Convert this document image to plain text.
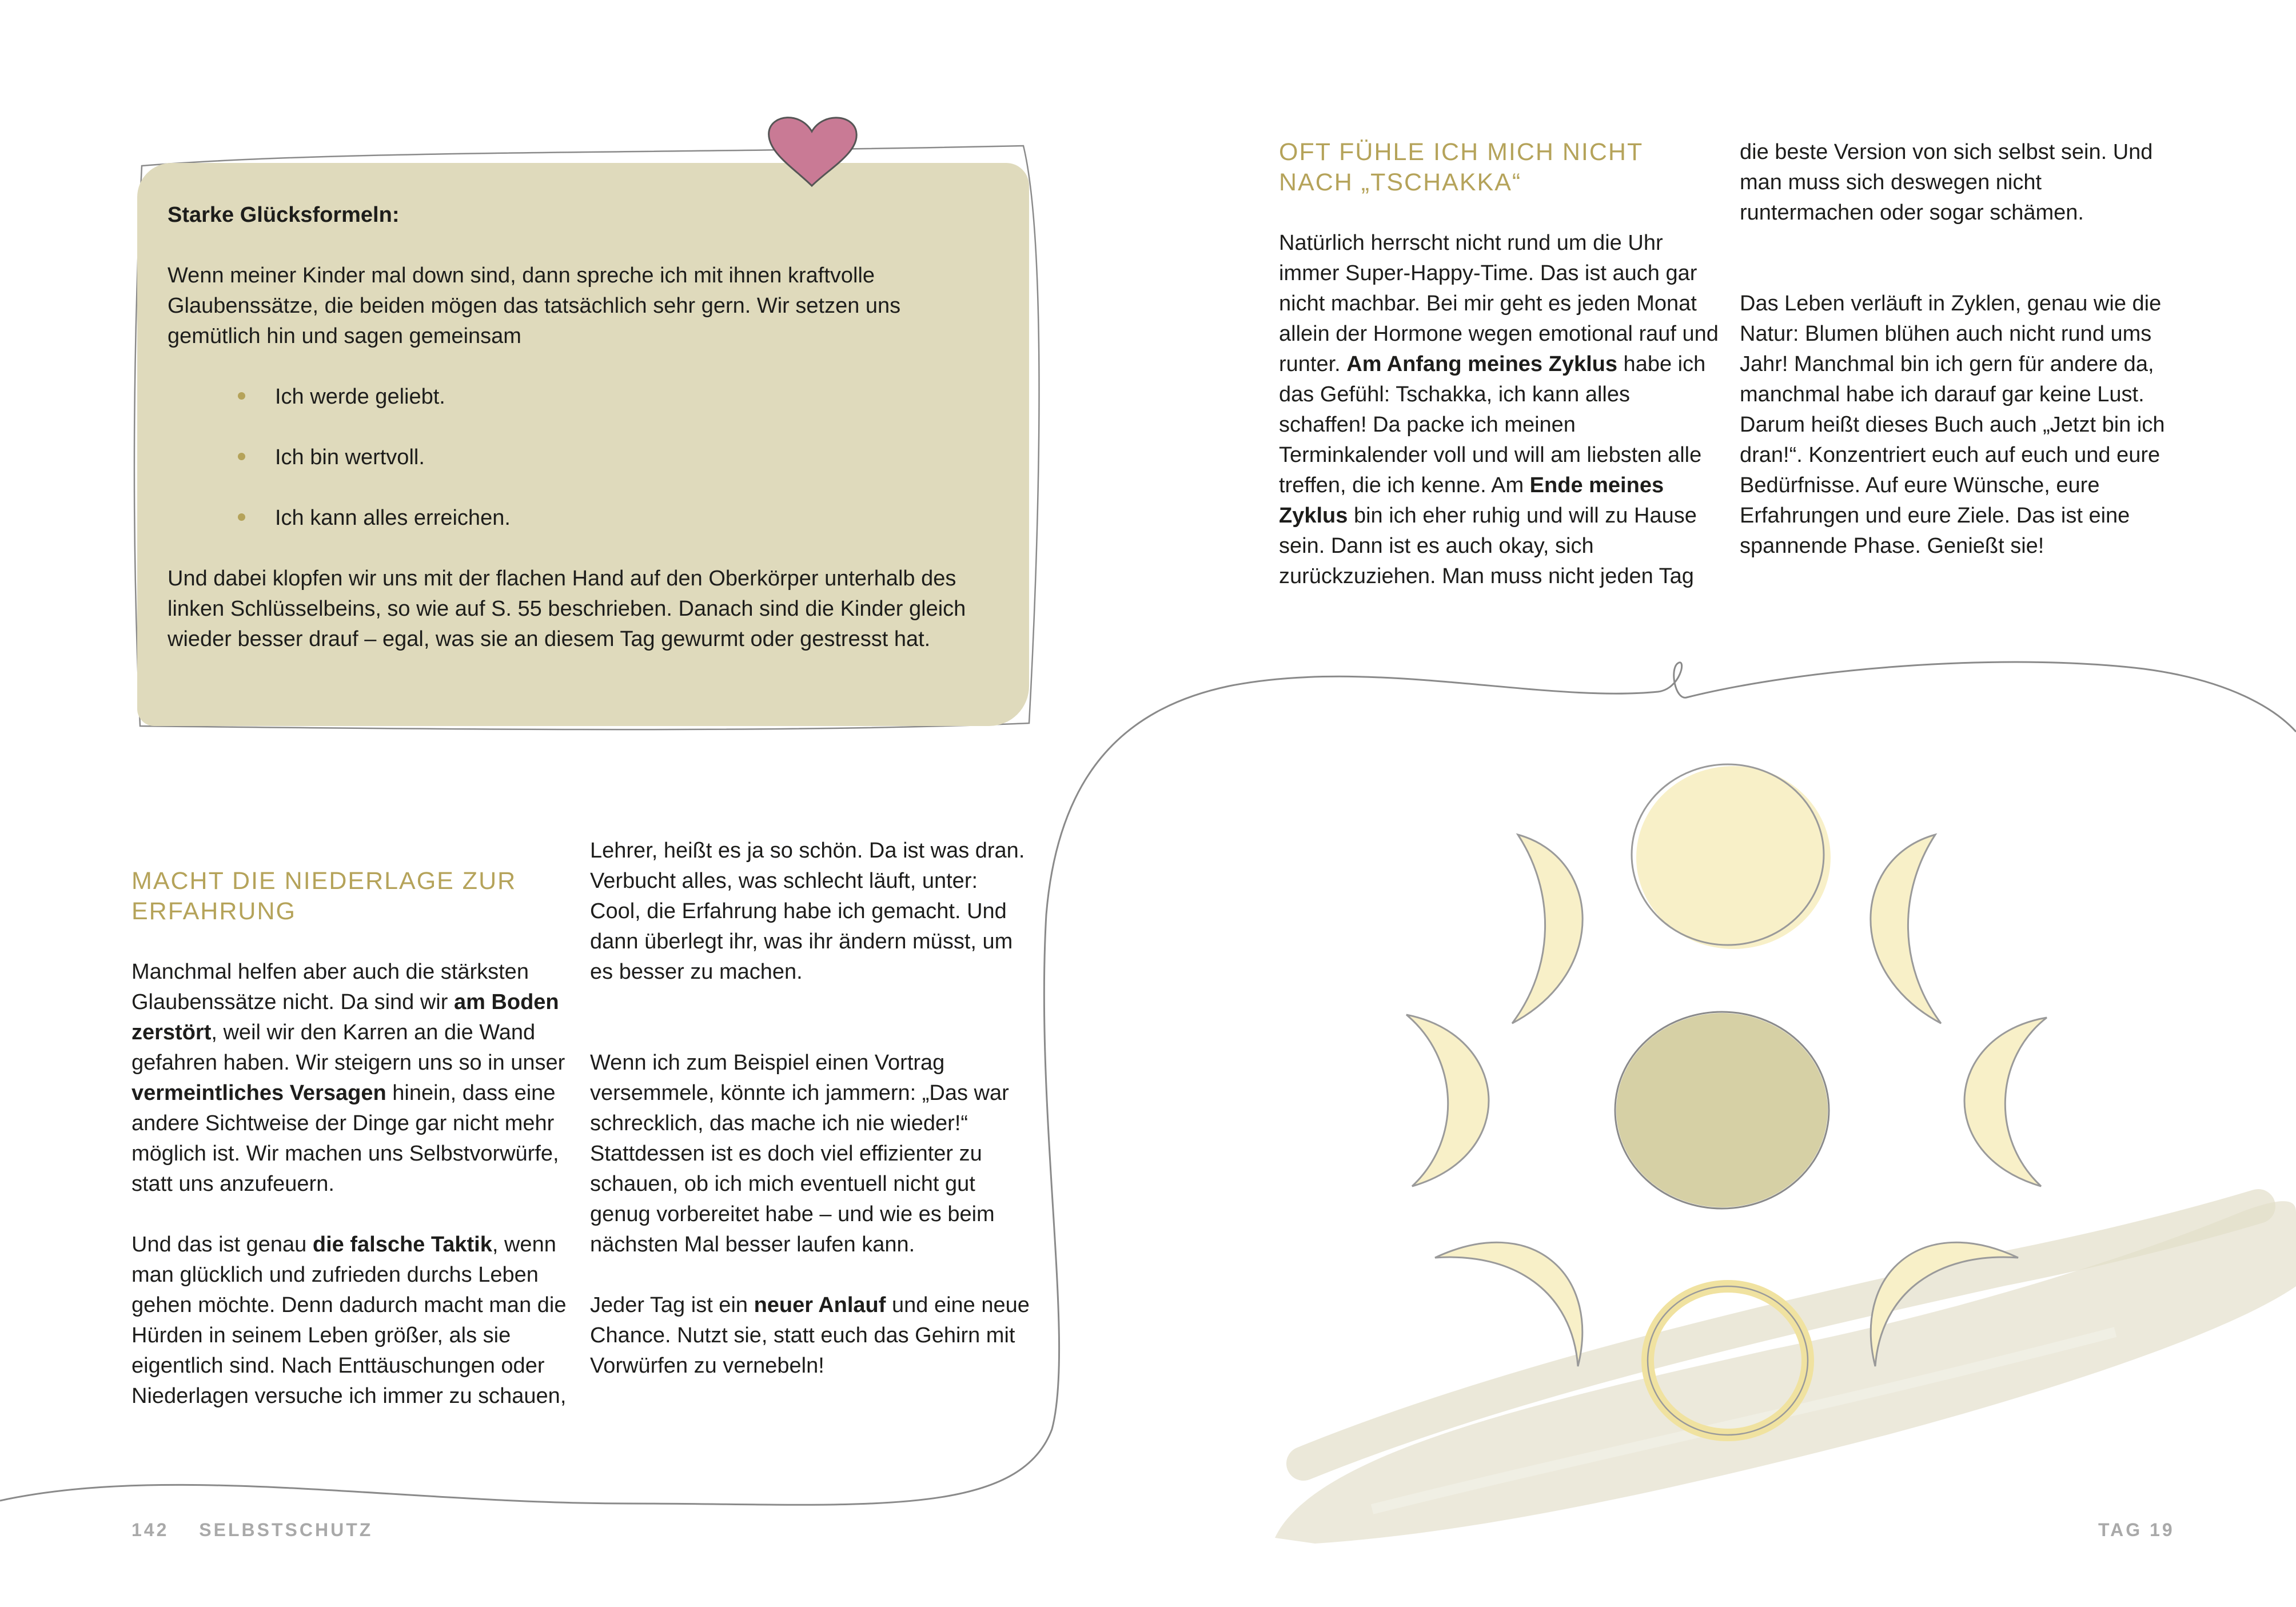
Starke Glücksformeln:

Wenn meiner Kinder mal down sind, dann spreche ich mit ihnen kraftvolle Glaubenssätze, die beiden mögen das tatsächlich sehr gern. Wir setzen uns gemütlich hin und sagen gemeinsam

Ich werde geliebt.
Ich bin wertvoll.
Ich kann alles erreichen.

Und dabei klopfen wir uns mit der flachen Hand auf den Oberkörper unterhalb des linken Schlüsselbeins, so wie auf S. 55 beschrieben. Danach sind die Kinder gleich wieder besser drauf – egal, was sie an diesem Tag gewurmt oder gestresst hat.

MACHT DIE NIEDERLAGE ZUR ERFAHRUNG

Manchmal helfen aber auch die stärksten Glaubenssätze nicht. Da sind wir am Boden zerstört, weil wir den Karren an die Wand gefahren haben. Wir steigern uns so in unser vermeintliches Versagen hinein, dass eine andere Sichtweise der Dinge gar nicht mehr möglich ist. Wir machen uns Selbstvorwürfe, statt uns anzufeuern.

Und das ist genau die falsche Taktik, wenn man glücklich und zufrieden durchs Leben gehen möchte. Denn dadurch macht man die Hürden in seinem Leben größer, als sie eigentlich sind. Nach Enttäuschungen oder Niederlagen versuche ich immer zu schauen,

Lehrer, heißt es ja so schön. Da ist was dran. Verbucht alles, was schlecht läuft, unter: Cool, die Erfahrung habe ich gemacht. Und dann überlegt ihr, was ihr ändern müsst, um es besser zu machen.

Wenn ich zum Beispiel einen Vortrag versemmele, könnte ich jammern: „Das war schrecklich, das mache ich nie wieder!“ Stattdessen ist es doch viel effizienter zu schauen, ob ich mich eventuell nicht gut genug vorbereitet habe – und wie es beim nächsten Mal besser laufen kann.

Jeder Tag ist ein neuer Anlauf und eine neue Chance. Nutzt sie, statt euch das Gehirn mit Vorwürfen zu vernebeln!

OFT FÜHLE ICH MICH NICHT NACH „TSCHAKKA“

Natürlich herrscht nicht rund um die Uhr immer Super-Happy-Time. Das ist auch gar nicht machbar. Bei mir geht es jeden Monat allein der Hormone wegen emotional rauf und runter. Am Anfang meines Zyklus habe ich das Gefühl: Tschakka, ich kann alles schaffen! Da packe ich meinen Terminkalender voll und will am liebsten alle treffen, die ich kenne. Am Ende meines Zyklus bin ich eher ruhig und will zu Hause sein. Dann ist es auch okay, sich zurückzuziehen. Man muss nicht jeden Tag

die beste Version von sich selbst sein. Und man muss sich deswegen nicht runtermachen oder sogar schämen.

Das Leben verläuft in Zyklen, genau wie die Natur: Blumen blühen auch nicht rund ums Jahr! Manchmal bin ich gern für andere da, manchmal habe ich darauf gar keine Lust. Darum heißt dieses Buch auch „Jetzt bin ich dran!“. Konzentriert euch auf euch und eure Bedürfnisse. Auf eure Wünsche, eure Erfahrungen und eure Ziele. Das ist eine spannende Phase. Genießt sie!

142 SELBSTSCHUTZ	TAG 19
